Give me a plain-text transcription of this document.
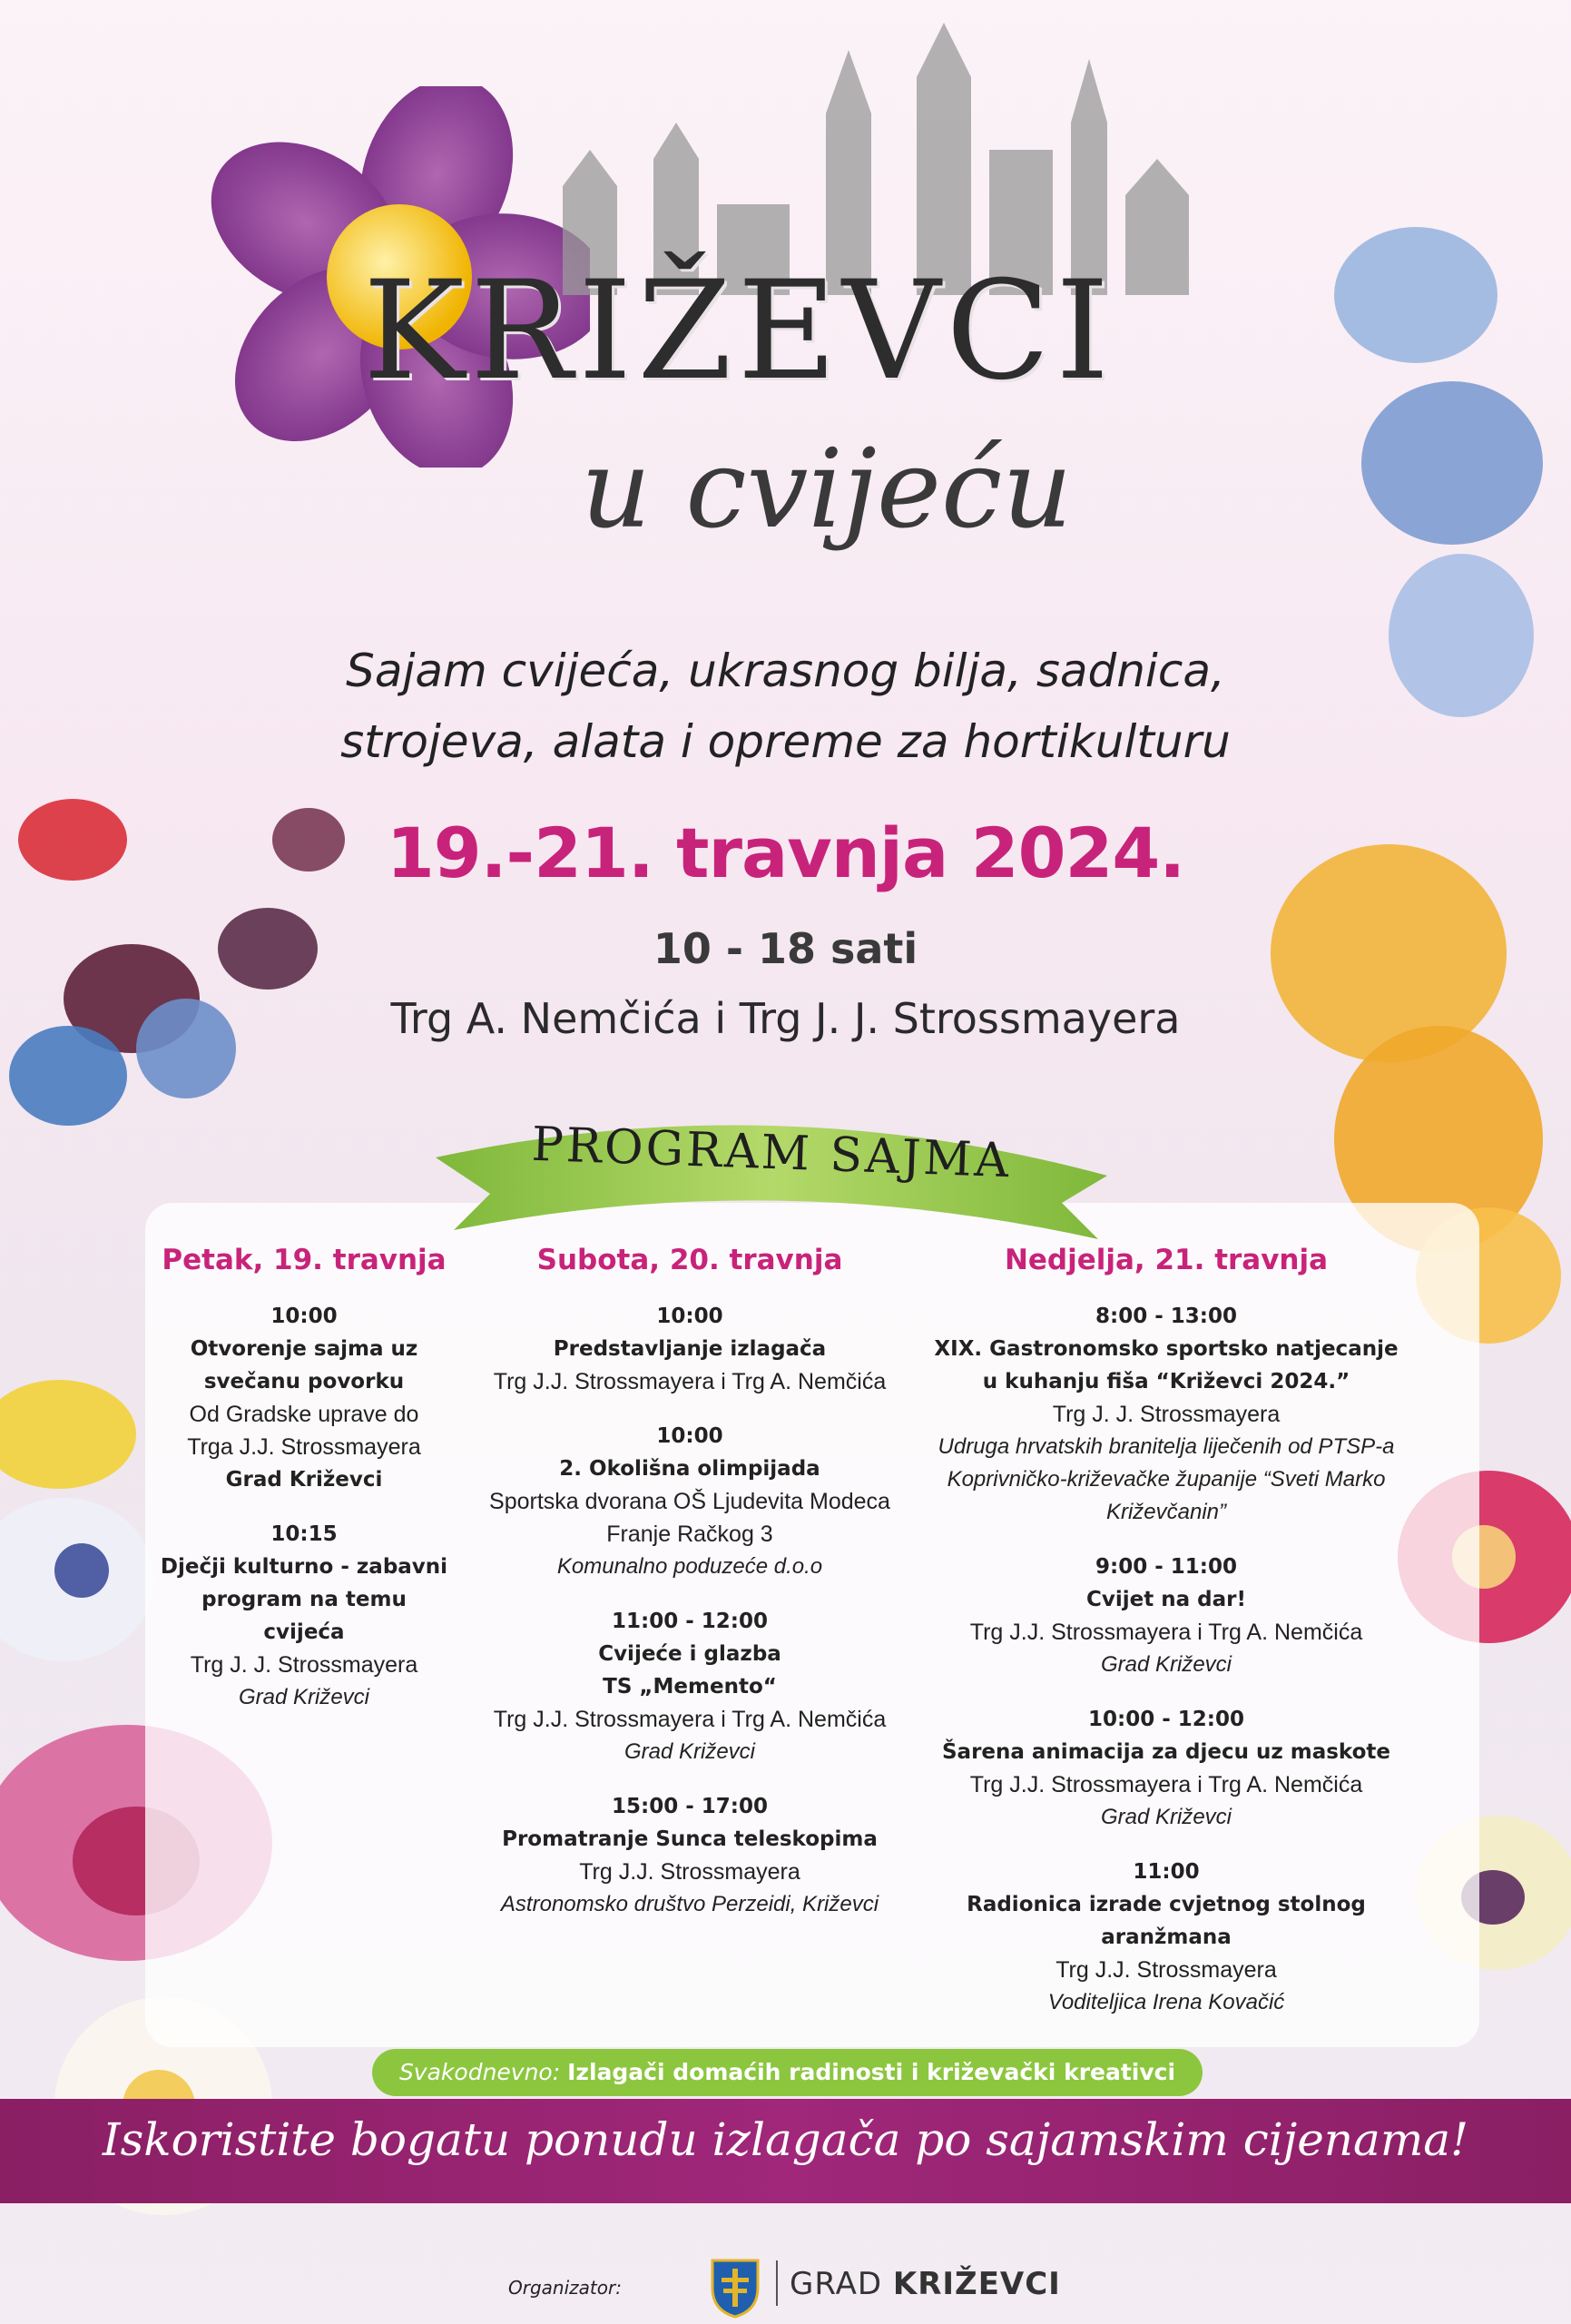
KRIŽEVCI
u cvijeću
Sajam cvijeća, ukrasnog bilja, sadnica,
strojeva, alata i opreme za hortikulturu
19.-21. travnja 2024.
10 - 18 sati
Trg A. Nemčića i Trg J. J. Strossmayera
PROGRAM SAJMA
Petak, 19. travnja
10:00
Otvorenje sajma uz
svečanu povorku
Od Gradske uprave do
Trga J.J. Strossmayera
Grad Križevci
10:15
Dječji kulturno - zabavni
program na temu cvijeća
Trg J. J. Strossmayera
Grad Križevci
Subota, 20. travnja
10:00
Predstavljanje izlagača
Trg J.J. Strossmayera i Trg A. Nemčića
10:00
2. Okolišna olimpijada
Sportska dvorana OŠ Ljudevita Modeca
Franje Račkog 3
Komunalno poduzeće d.o.o
11:00 - 12:00
Cvijeće i glazba
TS „Memento“
Trg J.J. Strossmayera i Trg A. Nemčića
Grad Križevci
15:00 - 17:00
Promatranje Sunca teleskopima
Trg J.J. Strossmayera
Astronomsko društvo Perzeidi, Križevci
Nedjelja, 21. travnja
8:00 - 13:00
XIX. Gastronomsko sportsko natjecanje
u kuhanju fiša “Križevci 2024.”
Trg J. J. Strossmayera
Udruga hrvatskih branitelja liječenih od PTSP-a
Koprivničko-križevačke županije “Sveti Marko
Križevčanin”
9:00 - 11:00
Cvijet na dar!
Trg J.J. Strossmayera i Trg A. Nemčića
Grad Križevci
10:00 - 12:00
Šarena animacija za djecu uz maskote
Trg J.J. Strossmayera i Trg A. Nemčića
Grad Križevci
11:00
Radionica izrade cvjetnog stolnog
aranžmana
Trg J.J. Strossmayera
Voditeljica Irena Kovačić
Svakodnevno: Izlagači domaćih radinosti i križevački kreativci
Iskoristite bogatu ponudu izlagača po sajamskim cijenama!
Organizator:	GRAD KRIŽEVCI
